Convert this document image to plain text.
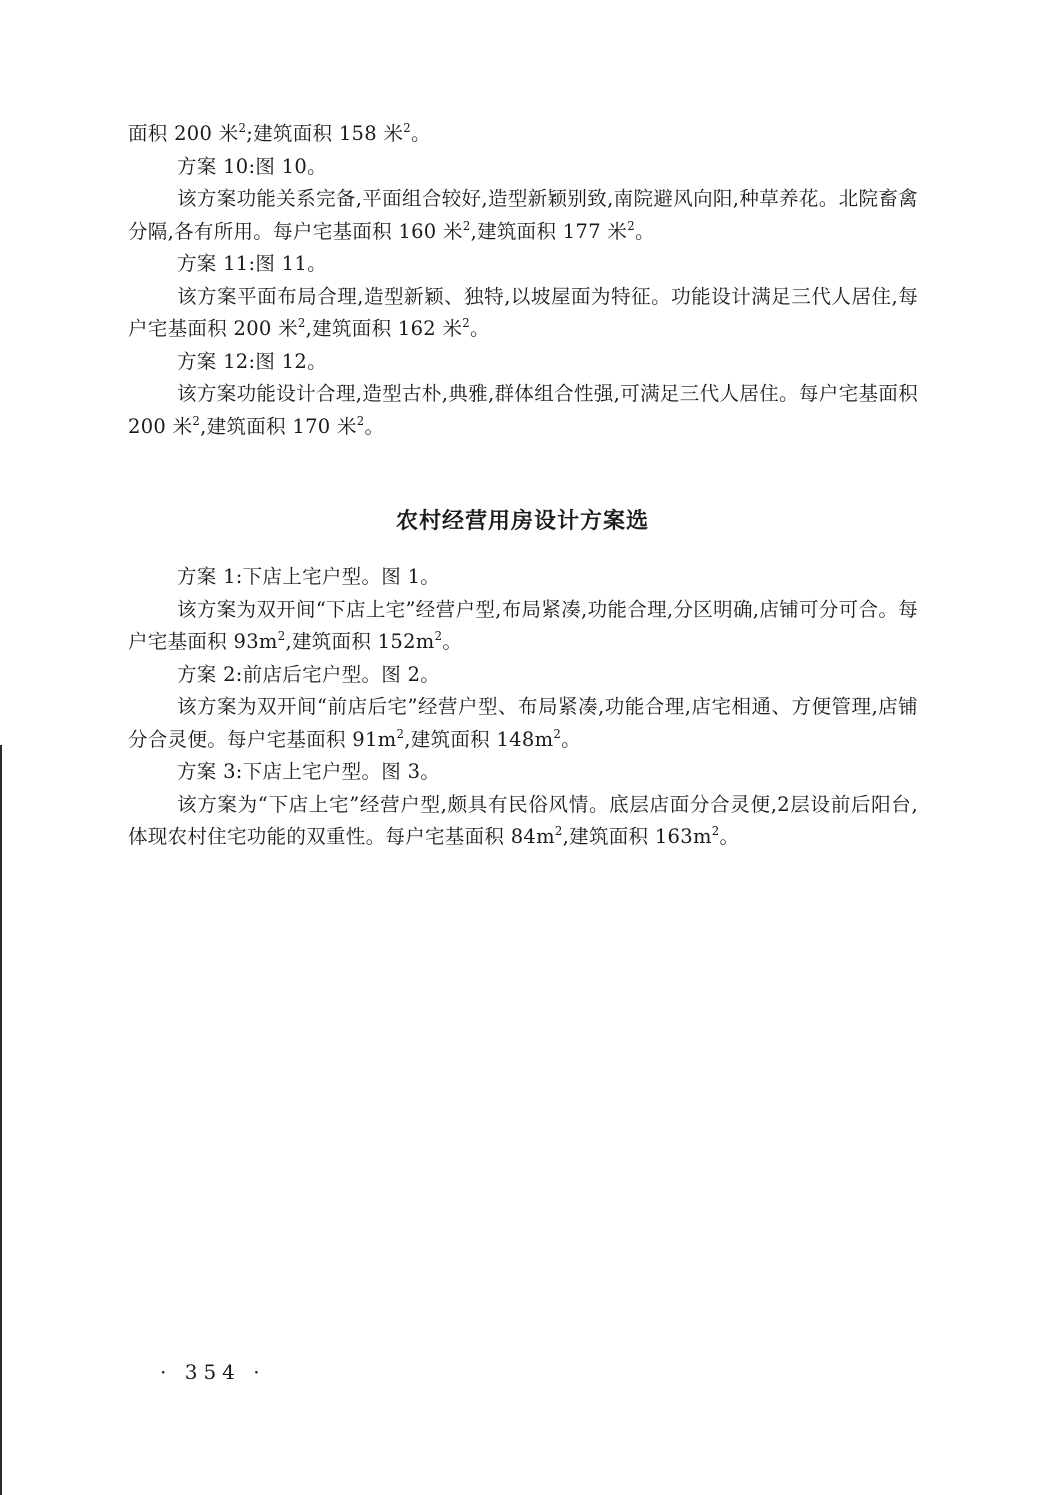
面积 200 米$^2$;建筑面积 158 米$^2$。

方案 10:图 10。

该方案功能关系完备,平面组合较好,造型新颖别致,南院避风向阳,种草养花。北院畜禽分隔,各有所用。每户宅基面积 160 米$^2$,建筑面积 177 米$^2$。

方案 11:图 11。

该方案平面布局合理,造型新颖、独特,以坡屋面为特征。功能设计满足三代人居住,每户宅基面积 200 米$^2$,建筑面积 162 米$^2$。

方案 12:图 12。

该方案功能设计合理,造型古朴,典雅,群体组合性强,可满足三代人居住。每户宅基面积 200 米$^2$,建筑面积 170 米$^2$。

农村经营用房设计方案选

方案 1:下店上宅户型。图 1。

该方案为双开间“下店上宅”经营户型,布局紧凑,功能合理,分区明确,店铺可分可合。每户宅基面积 $93m^2$,建筑面积 $152m^2$。

方案 2:前店后宅户型。图 2。

该方案为双开间“前店后宅”经营户型、布局紧凑,功能合理,店宅相通、方便管理,店铺分合灵便。每户宅基面积 $91m^2$,建筑面积 $148m^2$。

方案 3:下店上宅户型。图 3。

该方案为“下店上宅”经营户型,颇具有民俗风情。底层店面分合灵便,2层设前后阳台,体现农村住宅功能的双重性。每户宅基面积 $84m^2$,建筑面积 $163m^2$。

· 354 ·
